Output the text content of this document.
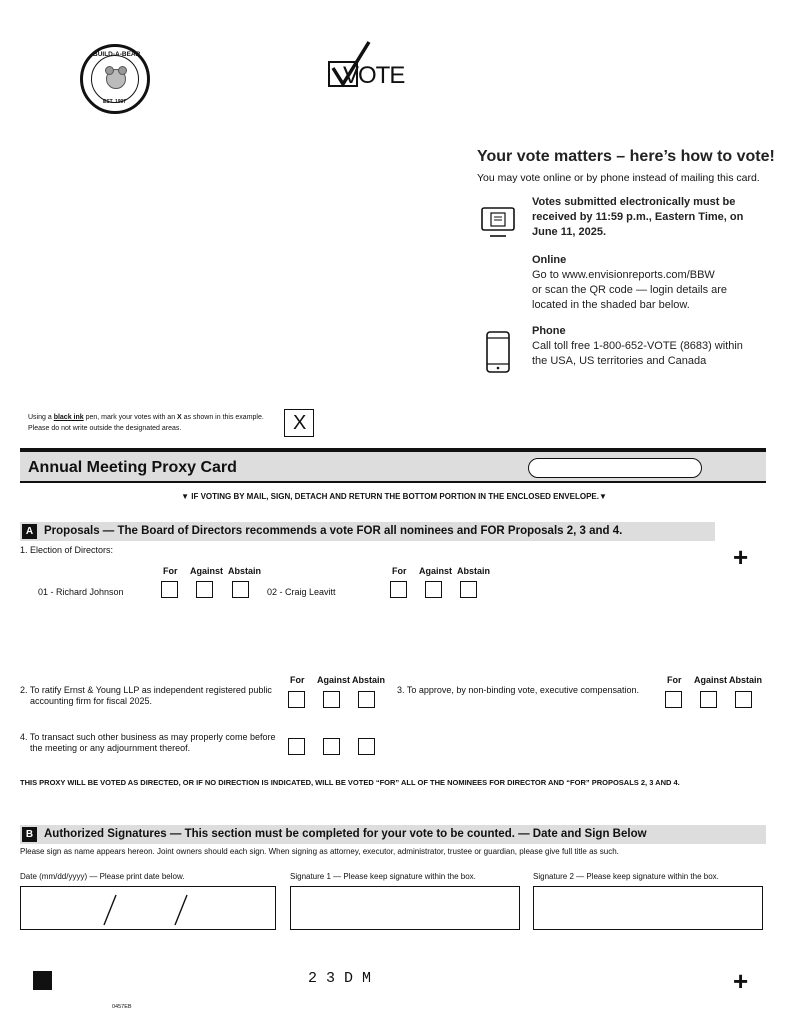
BUILD-A-BEAR
EST. 1997
VOTE
Your vote matters – here’s how to vote!
You may vote online or by phone instead of mailing this card.
Votes submitted electronically must be
received by 11:59 p.m., Eastern Time, on
June 11, 2025.
Online
Go to www.envisionreports.com/BBW
or scan the QR code — login details are
located in the shaded bar below.
Phone
Call toll free 1-800-652-VOTE (8683) within
the USA, US territories and Canada
Using a black ink pen, mark your votes with an X as shown in this example.
Please do not write outside the designated areas.	X
Annual Meeting Proxy Card
▼ IF VOTING BY MAIL, SIGN, DETACH AND RETURN THE BOTTOM PORTION IN THE ENCLOSED ENVELOPE.▼
A Proposals — The Board of Directors recommends a vote FOR all nominees and FOR Proposals 2, 3 and 4.
+
1. Election of Directors:
For Against Abstain	For Against Abstain
01 - Richard Johnson	02 - Craig Leavitt
For Against Abstain
2. To ratify Ernst & Young LLP as independent registered public
accounting firm for fiscal 2025.
3. To approve, by non-binding vote, executive compensation.
For Against Abstain
4. To transact such other business as may properly come before
the meeting or any adjournment thereof.
THIS PROXY WILL BE VOTED AS DIRECTED, OR IF NO DIRECTION IS INDICATED, WILL BE VOTED “FOR” ALL OF THE NOMINEES FOR DIRECTOR AND “FOR” PROPOSALS 2, 3 AND 4.
B Authorized Signatures — This section must be completed for your vote to be counted. — Date and Sign Below
Please sign as name appears hereon. Joint owners should each sign. When signing as attorney, executor, administrator, trustee or guardian, please give full title as such.
Date (mm/dd/yyyy) — Please print date below.	Signature 1 — Please keep signature within the box.	Signature 2 — Please keep signature within the box.
2 3 D M
0457EB
+
